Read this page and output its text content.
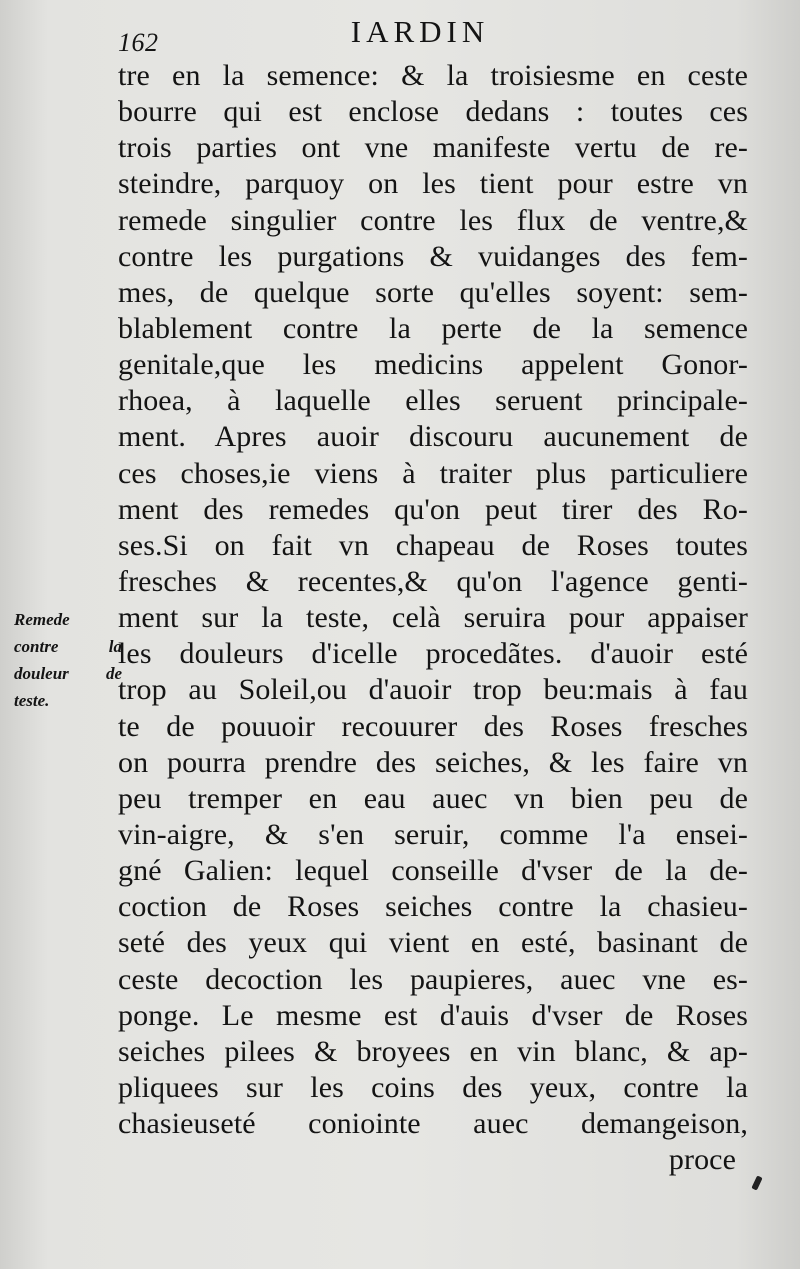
162	IARDIN
Remede
contre la
douleur de
teste.
tre en la semence: & la troisiesme en ceste
bourre qui est enclose dedans : toutes ces
trois parties ont vne manifeste vertu de re-
steindre, parquoy on les tient pour estre vn
remede singulier contre les flux de ventre,&
contre les purgations & vuidanges des fem-
mes, de quelque sorte qu'elles soyent: sem-
blablement contre la perte de la semence
genitale,que les medicins appelent Gonor-
rhoea, à laquelle elles seruent principale-
ment. Apres auoir discouru aucunement de
ces choses,ie viens à traiter plus particuliere
ment des remedes qu'on peut tirer des Ro-
ses.Si on fait vn chapeau de Roses toutes
fresches & recentes,& qu'on l'agence genti-
ment sur la teste, celà seruira pour appaiser
les douleurs d'icelle procedãtes. d'auoir esté
trop au Soleil,ou d'auoir trop beu:mais à fau
te de pouuoir recouurer des Roses fresches
on pourra prendre des seiches, & les faire vn
peu tremper en eau auec vn bien peu de
vin-aigre, & s'en seruir, comme l'a ensei-
gné Galien: lequel conseille d'vser de la de-
coction de Roses seiches contre la chasieu-
seté des yeux qui vient en esté, basinant de
ceste decoction les paupieres, auec vne es-
ponge. Le mesme est d'auis d'vser de Roses
seiches pilees & broyees en vin blanc, & ap-
pliquees sur les coins des yeux, contre la
chasieuseté coniointe auec demangeison,
proce
